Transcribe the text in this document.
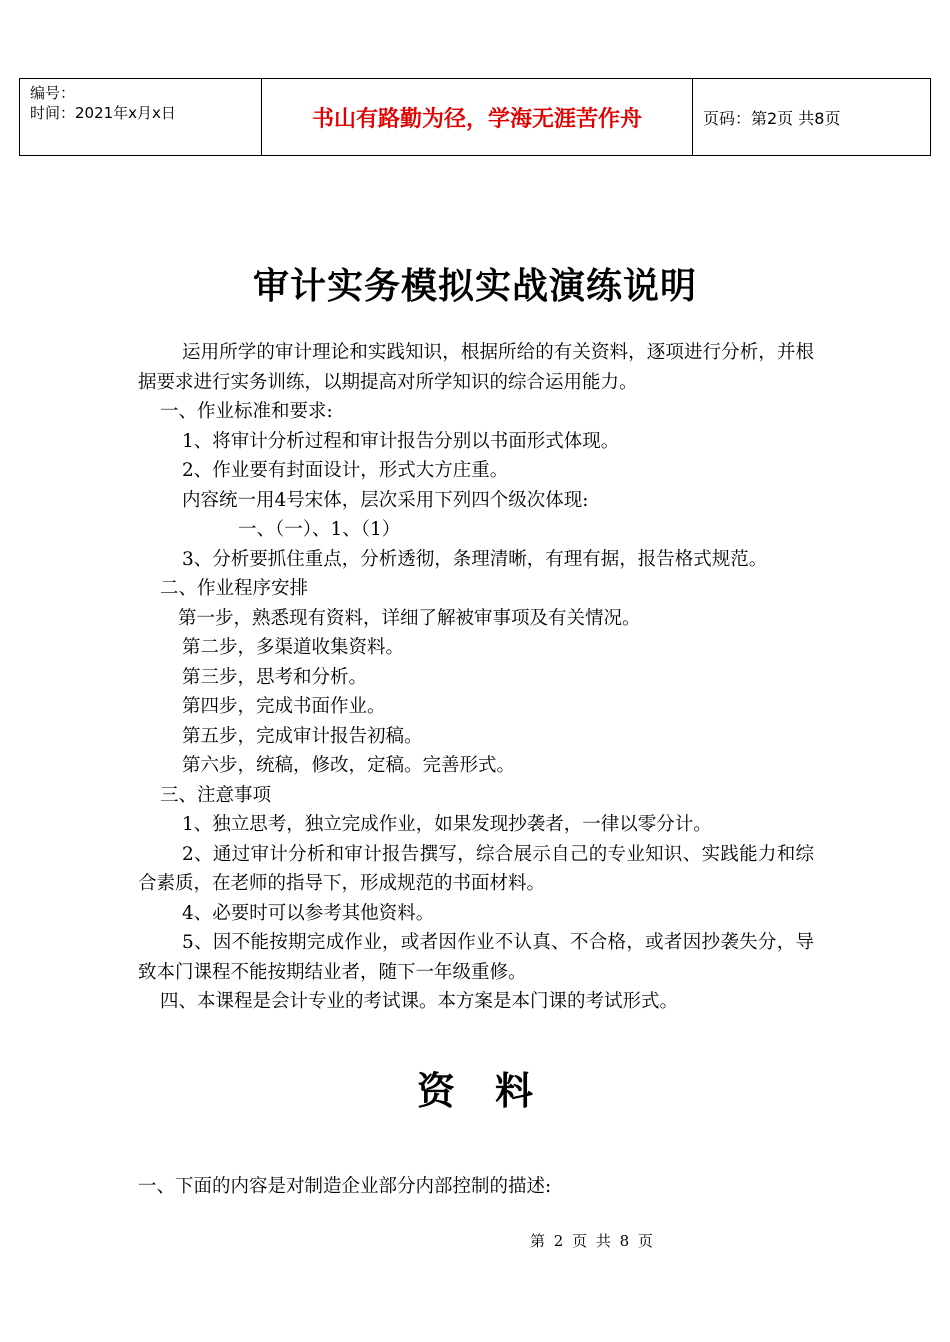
编号：
时间：2021年x月x日	书山有路勤为径，学海无涯苦作舟	页码：第2页 共8页
审计实务模拟实战演练说明

运用所学的审计理论和实践知识，根据所给的有关资料，逐项进行分析，并根据要求进行实务训练，以期提高对所学知识的综合运用能力。

一、作业标准和要求:

1、将审计分析过程和审计报告分别以书面形式体现。

2、作业要有封面设计，形式大方庄重。

内容统一用4号宋体，层次采用下列四个级次体现:

一、（一）、1、（1）

3、分析要抓住重点，分析透彻，条理清晰，有理有据，报告格式规范。

二、作业程序安排

第一步，熟悉现有资料，详细了解被审事项及有关情况。

第二步，多渠道收集资料。

第三步，思考和分析。

第四步，完成书面作业。

第五步，完成审计报告初稿。

第六步，统稿，修改，定稿。完善形式。

三、注意事项

1、独立思考，独立完成作业，如果发现抄袭者，一律以零分计。

2、通过审计分析和审计报告撰写，综合展示自己的专业知识、实践能力和综合素质，在老师的指导下，形成规范的书面材料。

4、必要时可以参考其他资料。

5、因不能按期完成作业，或者因作业不认真、不合格，或者因抄袭失分，导致本门课程不能按期结业者，随下一年级重修。

四、本课程是会计专业的考试课。本方案是本门课的考试形式。

资料
一、下面的内容是对制造企业部分内部控制的描述:
第 2 页 共 8 页
